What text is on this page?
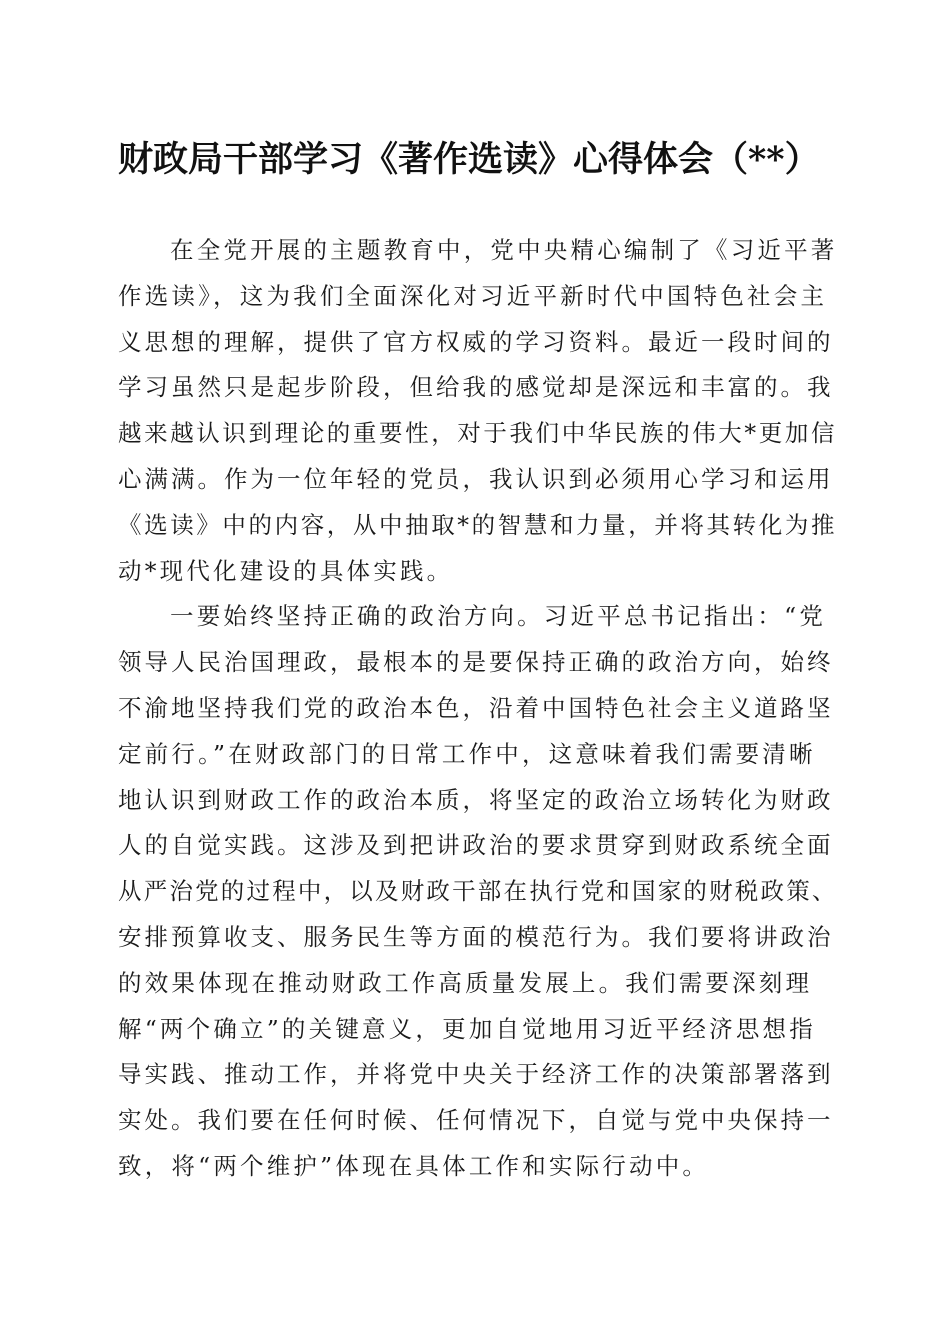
财政局干部学习《著作选读》心得体会（**）

在全党开展的主题教育中，党中央精心编制了《习近平著
作选读》，这为我们全面深化对习近平新时代中国特色社会主
义思想的理解，提供了官方权威的学习资料。最近一段时间的
学习虽然只是起步阶段，但给我的感觉却是深远和丰富的。我
越来越认识到理论的重要性，对于我们中华民族的伟大*更加信
心满满。作为一位年轻的党员，我认识到必须用心学习和运用
《选读》中的内容，从中抽取*的智慧和力量，并将其转化为推
动*现代化建设的具体实践。

一要始终坚持正确的政治方向。习近平总书记指出：“党
领导人民治国理政，最根本的是要保持正确的政治方向，始终
不渝地坚持我们党的政治本色，沿着中国特色社会主义道路坚
定前行。”在财政部门的日常工作中，这意味着我们需要清晰
地认识到财政工作的政治本质，将坚定的政治立场转化为财政
人的自觉实践。这涉及到把讲政治的要求贯穿到财政系统全面
从严治党的过程中，以及财政干部在执行党和国家的财税政策、
安排预算收支、服务民生等方面的模范行为。我们要将讲政治
的效果体现在推动财政工作高质量发展上。我们需要深刻理
解“两个确立”的关键意义，更加自觉地用习近平经济思想指
导实践、推动工作，并将党中央关于经济工作的决策部署落到
实处。我们要在任何时候、任何情况下，自觉与党中央保持一
致，将“两个维护”体现在具体工作和实际行动中。
